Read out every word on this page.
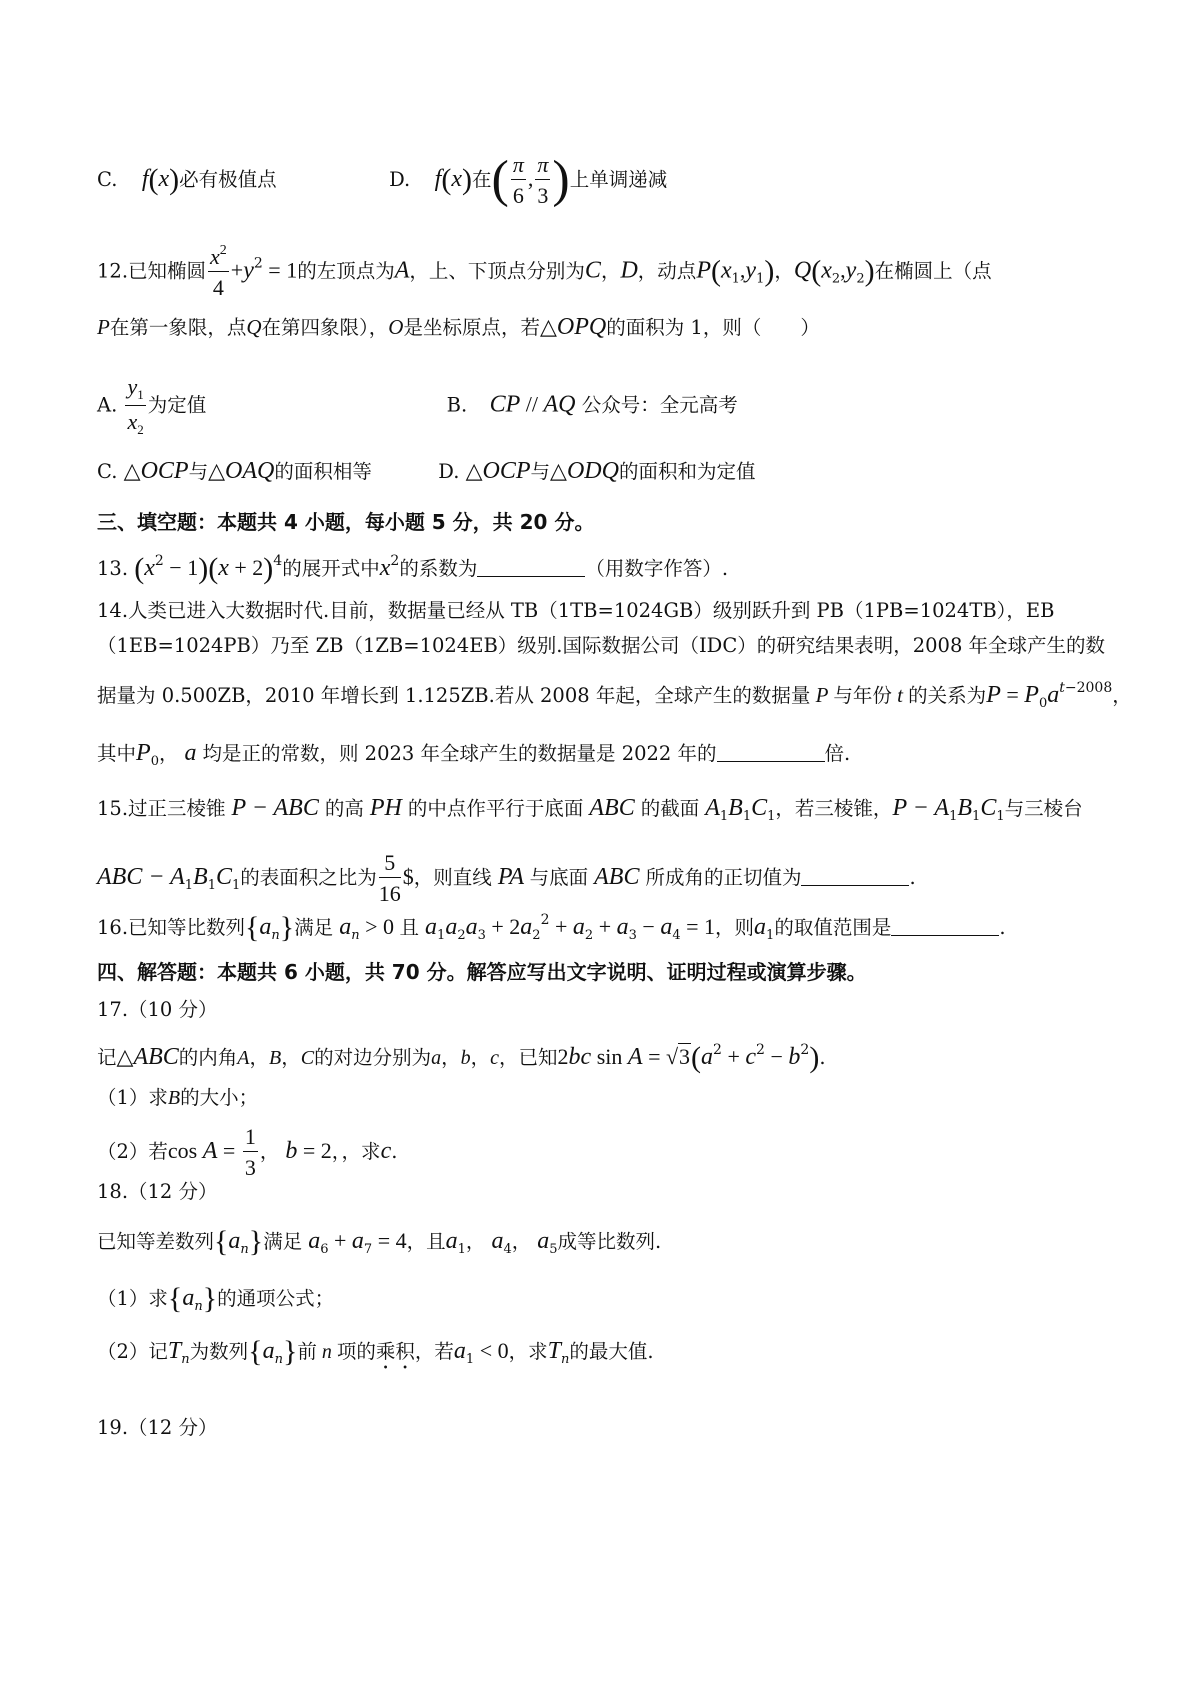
C. f(x)必有极值点	D. f(x)在( $\frac{\pi}{6}$ , $\frac{\pi}{3}$ )上单调递减
12.已知椭圆 $\frac{x^2}{4} +y^2 = 1$的左顶点为A，上、下顶点分别为C，D，动点$P(x_1,y_1)$，$Q(x_2,y_2)$在椭圆上（点
P在第一象限，点Q在第四象限），O是坐标原点，若△OPQ的面积为 1，则（　　）
A. $\frac{y_1}{x_2}$ 为定值	B. CP // AQ 公众号：全元高考
C. △OCP与△OAQ的面积相等	D. △OCP与△ODQ的面积和为定值
三、填空题：本题共 4 小题，每小题 5 分，共 20 分。
13. $(x^2 - 1)(x + 2)^4$的展开式中$x^2$的系数为	（用数字作答）.
14.人类已进入大数据时代.目前，数据量已经从 TB（1TB=1024GB）级别跃升到 PB（1PB=1024TB），EB
（1EB=1024PB）乃至 ZB（1ZB=1024EB）级别.国际数据公司（IDC）的研究结果表明，2008 年全球产生的数
据量为 0.500ZB，2010 年增长到 1.125ZB.若从 2008 年起，全球产生的数据量 P 与年份 t 的关系为$P = P_0a^{t-2008}$，
其中$P_0$， a 均是正的常数，则 2023 年全球产生的数据量是 2022 年的	倍.
15.过正三棱锥 P − ABC 的高 PH 的中点作平行于底面 ABC 的截面 $A_1B_1C_1$，若三棱锥，$P - A_1B_1C_1$与三棱台
ABC − $A_1B_1C_1$的表面积之比为 $\frac{5}{16}$ $，则直线 PA 与底面 ABC 所成角的正切值为	.
16.已知等比数列$\{a_n\}$满足 $a_n > 0$ 且 $a_1a_2a_3 + 2a_2^2 + a_2 + a_3 - a_4 = 1$，则$a_1$的取值范围是	.
四、解答题：本题共 6 小题，共 70 分。解答应写出文字说明、证明过程或演算步骤。
17.（10 分）
记△ABC的内角A，B，C的对边分别为a，b，c，已知2bc $\sin A = √3(a^2 + c^2 - b^2)$.
（1）求B的大小；
（2）若$\cos A = \frac{1}{3}$ ， b = 2，，求c.
18.（12 分）
已知等差数列$\{a_n\}$满足 $a_6 + a_7 = 4$，且$a_1$， $a_4$， $a_5$成等比数列.
（1）求$\{a_n\}$的通项公式；
（2）记$T_n$为数列$\{a_n\}$前 n 项的乘积，若$a_1 < 0$，求$T_n$的最大值.
19.（12 分）
